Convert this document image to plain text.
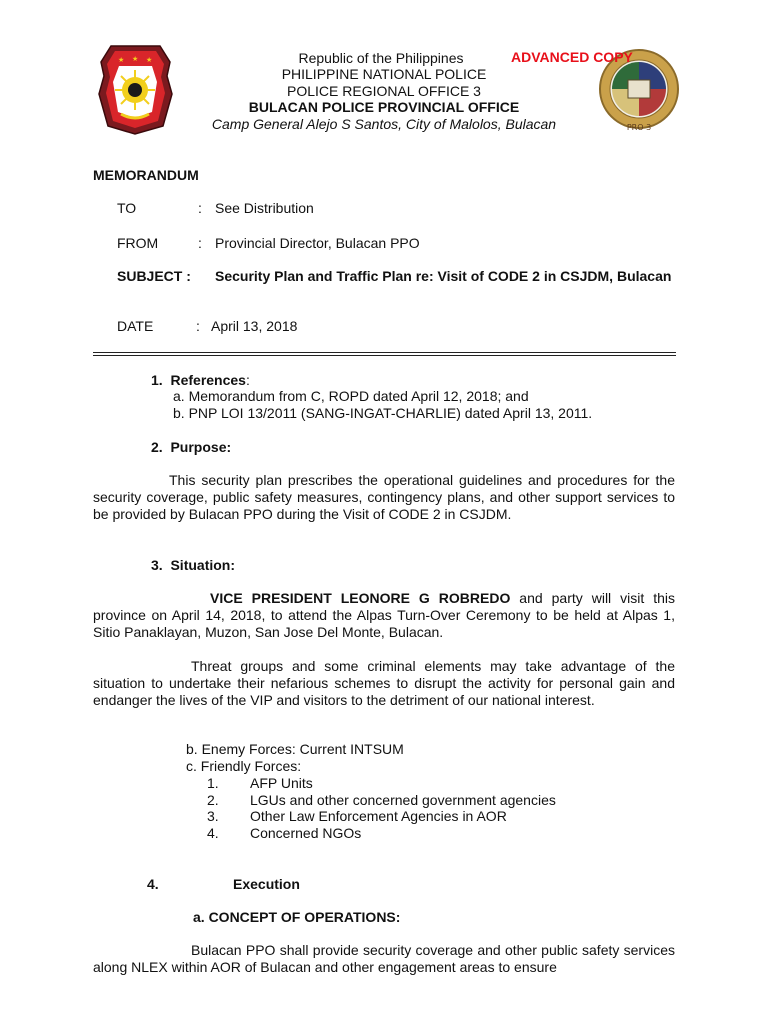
★ ★ ★
PRO 3
Republic of the Philippines	ADVANCED COPY
PHILIPPINE NATIONAL POLICE
POLICE REGIONAL OFFICE 3
BULACAN POLICE PROVINCIAL OFFICE
Camp General Alejo S Santos, City of Malolos, Bulacan
MEMORANDUM
TO	: See Distribution
FROM	: Provincial Director, Bulacan PPO
SUBJECT : Security Plan and Traffic Plan re: Visit of CODE 2 in CSJDM, Bulacan
DATE	: April 13, 2018
1. References:
a. Memorandum from C, ROPD dated April 12, 2018; and
b. PNP LOI 13/2011 (SANG-INGAT-CHARLIE) dated April 13, 2011.
2. Purpose:
This security plan prescribes the operational guidelines and procedures for the security coverage, public safety measures, contingency plans, and other support services to be provided by Bulacan PPO during the Visit of CODE 2 in CSJDM.
3. Situation:
VICE PRESIDENT LEONORE G ROBREDO and party will visit this province on April 14, 2018, to attend the Alpas Turn-Over Ceremony to be held at Alpas 1, Sitio Panaklayan, Muzon, San Jose Del Monte, Bulacan.
Threat groups and some criminal elements may take advantage of the situation to undertake their nefarious schemes to disrupt the activity for personal gain and endanger the lives of the VIP and visitors to the detriment of our national interest.
b. Enemy Forces: Current INTSUM
c. Friendly Forces:
1. AFP Units
2. LGUs and other concerned government agencies
3. Other Law Enforcement Agencies in AOR
4. Concerned NGOs
4.	Execution
a. CONCEPT OF OPERATIONS:
Bulacan PPO shall provide security coverage and other public safety services along NLEX within AOR of Bulacan and other engagement areas to ensure
